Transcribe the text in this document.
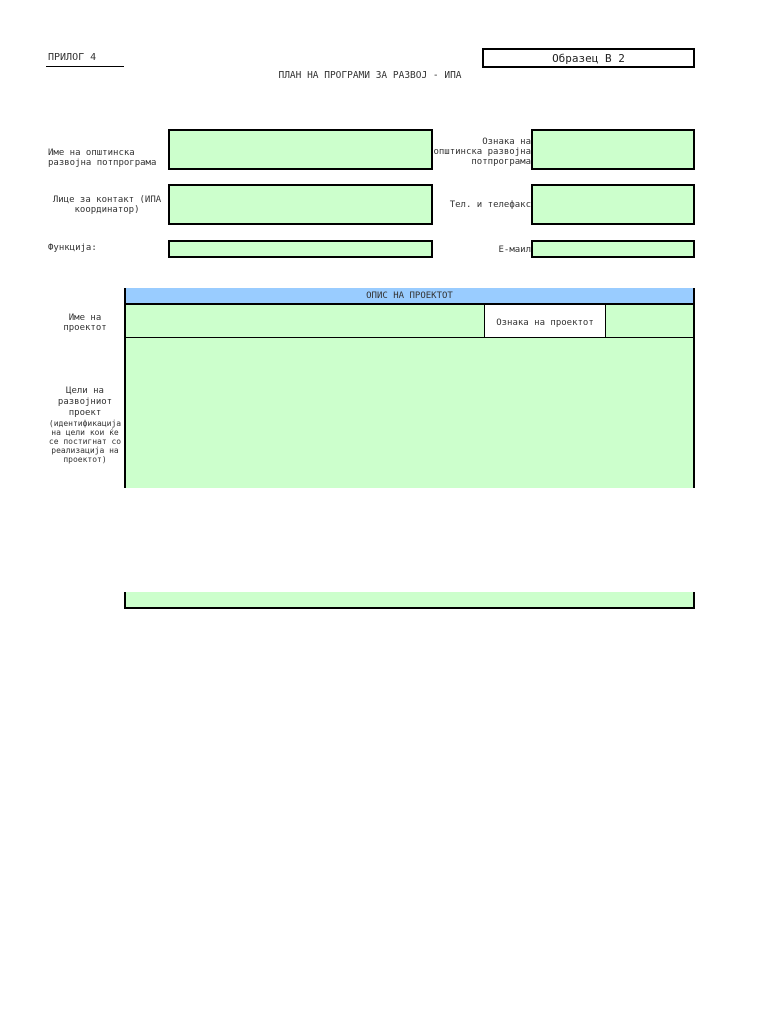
ПРИЛОГ 4	Образец В 2
ПЛАН НА ПРОГРАМИ ЗА РАЗВОЈ - ИПА
Име на општинска
развојна потпрограма
Ознака на
општинска развојна
потпрограма
Лице за контакт (ИПА
координатор)	Тел. и телефакс
Функција:	Е-маил
ОПИС НА ПРОЕКТОТ
Име на
проектот	Ознака на проектот
Цели на
развојниот
проект
(идентификација
на цели кои ќе
се постигнат со
реализација на
проектот)
